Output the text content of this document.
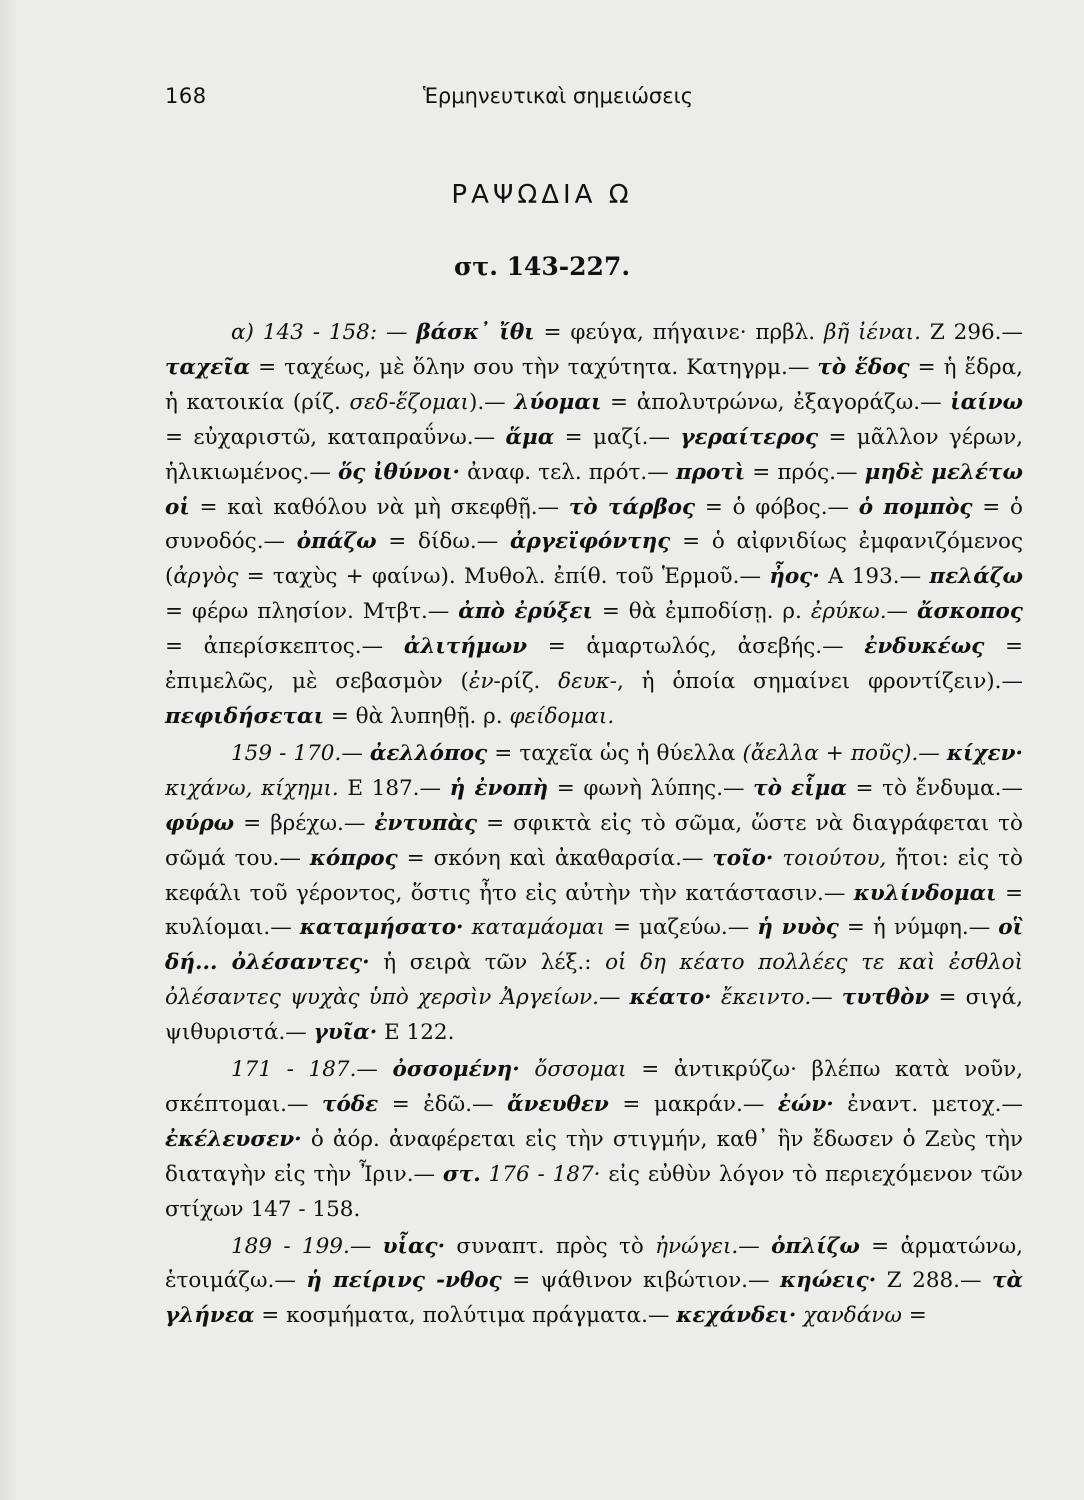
168	Ἑρμηνευτικαὶ σημειώσεις
ΡΑΨΩΔΙΑ Ω
στ. 143-227.

α) 143 - 158: — βάσκ᾽ ἴθι = φεύγα, πήγαινε· πρβλ. βῆ ἰέναι. Ζ 296.— ταχεῖα = ταχέως, μὲ ὅλην σου τὴν ταχύτητα. Κατηγρμ.— τὸ ἕδος = ἡ ἕδρα, ἡ κατοικία (ρίζ. σεδ-ἕζομαι).— λύομαι = ἀπολυτρώνω, ἐξαγοράζω.— ἰαίνω = εὐχαριστῶ, καταπραΰνω.— ἅμα = μαζί.— γεραίτερος = μᾶλλον γέρων, ἡλικιωμένος.— ὅς ἰθύνοι· ἀναφ. τελ. πρότ.— προτὶ = πρός.— μηδὲ μελέτω οἱ = καὶ καθόλου νὰ μὴ σκεφθῇ.— τὸ τάρβος = ὁ φόβος.— ὁ πομπὸς = ὁ συνοδός.— ὀπάζω = δίδω.— ἀργεϊφόντης = ὁ αἰφνιδίως ἐμφανιζόμενος (ἀργὸς = ταχὺς + φαίνω). Μυθολ. ἐπίθ. τοῦ Ἑρμοῦ.— ἦος· Α 193.— πελάζω = φέρω πλησίον. Μτβτ.— ἀπὸ ἐρύξει = θὰ ἐμποδίσῃ. ρ. ἐρύκω.— ἄσκοπος = ἀπερίσκεπτος.— ἀλιτήμων = ἁμαρτωλός, ἀσεβής.— ἐνδυκέως = ἐπιμελῶς, μὲ σεβασμὸν (ἐν-ρίζ. δευκ-, ἡ ὁποία σημαίνει φροντίζειν).— πεφιδήσεται = θὰ λυπηθῇ. ρ. φείδομαι.

159 - 170.— ἀελλόπος = ταχεῖα ὡς ἡ θύελλα (ἄελλα + ποῦς).— κίχεν· κιχάνω, κίχημι. Ε 187.— ἡ ἐνοπὴ = φωνὴ λύπης.— τὸ εἷμα = τὸ ἔνδυμα.— φύρω = βρέχω.— ἐντυπὰς = σφικτὰ εἰς τὸ σῶμα, ὥστε νὰ διαγράφεται τὸ σῶμά του.— κόπρος = σκόνη καὶ ἀκαθαρσία.— τοῖο· τοιούτου, ἤτοι: εἰς τὸ κεφάλι τοῦ γέροντος, ὅστις ἦτο εἰς αὐτὴν τὴν κατάστασιν.— κυλίνδομαι = κυλίομαι.— καταμήσατο· καταμάομαι = μαζεύω.— ἡ νυὸς = ἡ νύμφη.— οἳ δή... ὀλέσαντες· ἡ σειρὰ τῶν λέξ.: οἱ δη κέατο πολλέες τε καὶ ἐσθλοὶ ὀλέσαντες ψυχὰς ὑπὸ χερσὶν Ἀργείων.— κέατο· ἔκειντο.— τυτθὸν = σιγά, ψιθυριστά.— γυῖα· Ε 122.

171 - 187.— ὀσσομένη· ὄσσομαι = ἀντικρύζω· βλέπω κατὰ νοῦν, σκέπτομαι.— τόδε = ἐδῶ.— ἄνευθεν = μακράν.— ἐών· ἐναντ. μετοχ.— ἐκέλευσεν· ὁ ἀόρ. ἀναφέρεται εἰς τὴν στιγμήν, καθ᾽ ἣν ἔδωσεν ὁ Ζεὺς τὴν διαταγὴν εἰς τὴν Ἶριν.— στ. 176 - 187· εἰς εὐθὺν λόγον τὸ περιεχόμενον τῶν στίχων 147 - 158.

189 - 199.— υἷας· συναπτ. πρὸς τὸ ἠνώγει.— ὁπλίζω = ἁρματώνω, ἑτοιμάζω.— ἡ πείρινς -νθος = ψάθινον κιβώτιον.— κηώεις· Ζ 288.— τὰ γλήνεα = κοσμήματα, πολύτιμα πράγματα.— κεχάνδει· χανδάνω =
